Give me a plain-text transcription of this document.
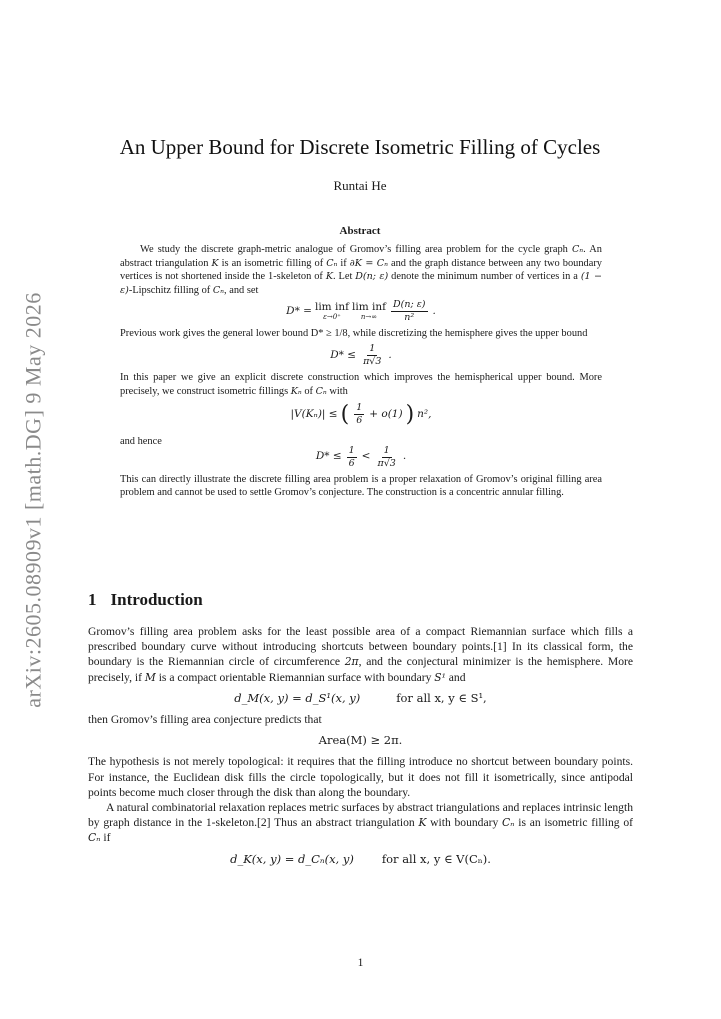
arXiv:2605.08909v1 [math.DG] 9 May 2026
An Upper Bound for Discrete Isometric Filling of Cycles
Runtai He
Abstract

We study the discrete graph-metric analogue of Gromov’s filling area problem for the cycle graph Cₙ. An abstract triangulation K is an isometric filling of Cₙ if ∂K = Cₙ and the graph distance between any two boundary vertices is not shortened inside the 1-skeleton of K. Let D(n; ε) denote the minimum number of vertices in a (1 − ε)-Lipschitz filling of Cₙ, and set

D* = lim inf
ε→0⁺
lim inf
$n\to\infty \frac{D(n; \varepsilon)}{\text{n²}}$ .

Previous work gives the general lower bound D* ≥ 1/8, while discretizing the hemisphere gives the upper bound

$D* \le \frac{1}{\pi√3}$ .

In this paper we give an explicit discrete construction which improves the hemispherical upper bound. More precisely, we construct isometric fillings Kₙ of Cₙ with

|V(Kₙ)| ≤ ( $\frac{1}{6} + o(1)$ ) n²,

and hence

$D* \le \frac{1}{6} < \frac{1}{\pi√3}$ .

This can directly illustrate the discrete filling area problem is a proper relaxation of Gromov’s original filling area problem and cannot be used to settle Gromov’s conjecture. The construction is a concentric annular filling.

1 Introduction

Gromov’s filling area problem asks for the least possible area of a compact Riemannian surface which fills a prescribed boundary curve without introducing shortcuts between boundary points.[1] In its classical form, the boundary is the Riemannian circle of circumference 2π, and the conjectural minimizer is the hemisphere. More precisely, if M is a compact orientable Riemannian surface with boundary S¹ and

d_M(x, y) = d_S¹(x, y)	for all x, y ∈ S¹,

then Gromov’s filling area conjecture predicts that

Area(M) ≥ 2π.

The hypothesis is not merely topological: it requires that the filling introduce no shortcut between boundary points. For instance, the Euclidean disk fills the circle topologically, but it does not fill it isometrically, since antipodal points become much closer through the disk than along the boundary.

A natural combinatorial relaxation replaces metric surfaces by abstract triangulations and replaces intrinsic length by graph distance in the 1-skeleton.[2] Thus an abstract triangulation K with boundary Cₙ is an isometric filling of Cₙ if

d_K(x, y) = d_Cₙ(x, y) for all x, y ∈ V(Cₙ).
1
